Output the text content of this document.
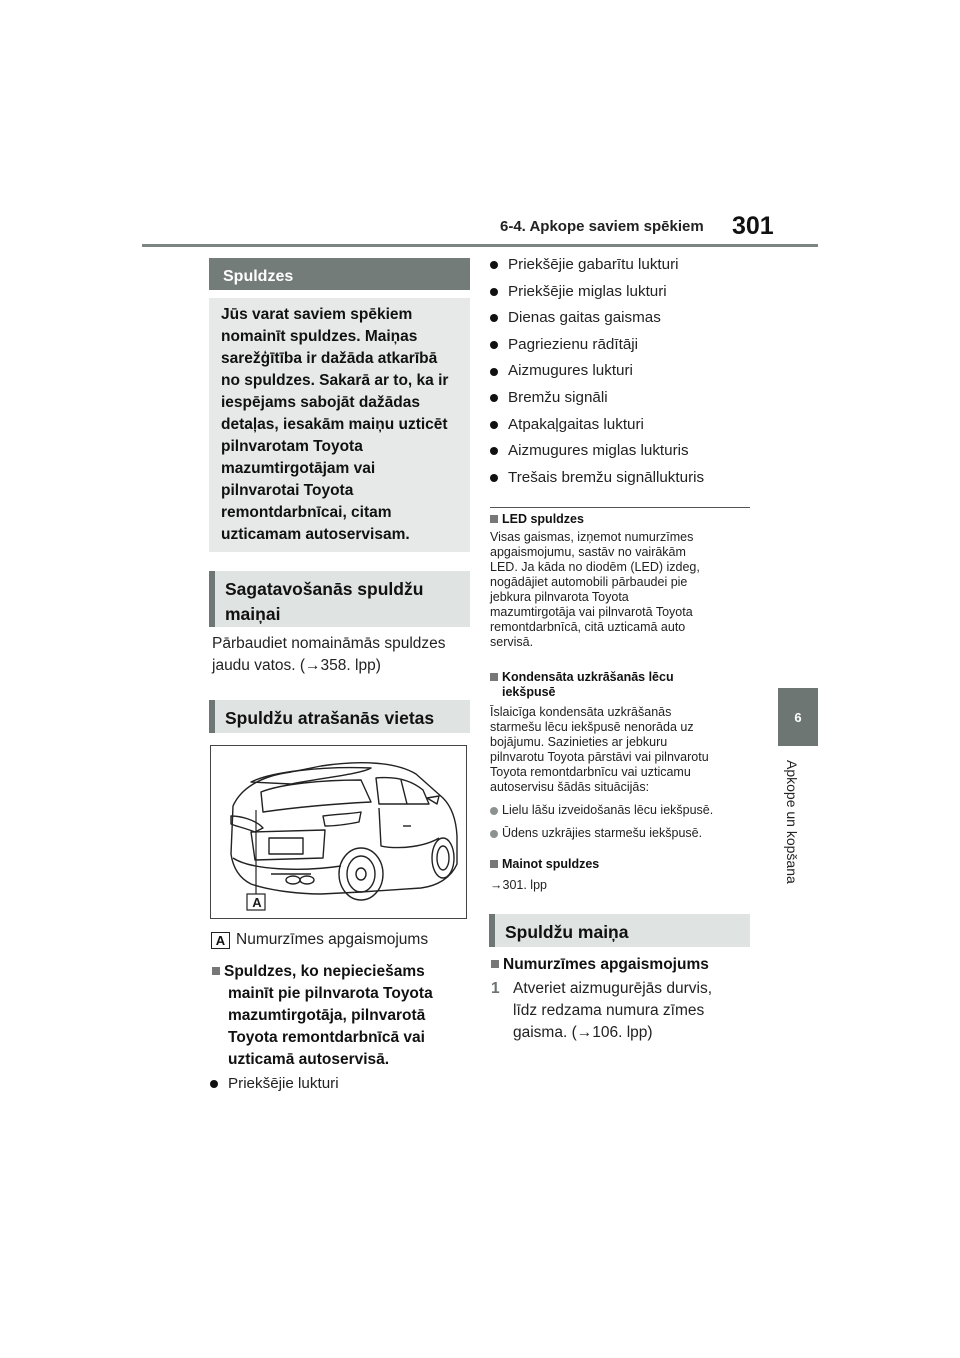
6-4. Apkope saviem spēkiem 301
6
Apkope un kopšana
Spuldzes
Jūs varat saviem spēkiem
nomainīt spuldzes. Maiņas
sarežģītība ir dažāda atkarībā
no spuldzes. Sakarā ar to, ka ir
iespējams sabojāt dažādas
detaļas, iesakām maiņu uzticēt
pilnvarotam Toyota
mazumtirgotājam vai
pilnvarotai Toyota
remontdarbnīcai, citam
uzticamam autoservisam.
Sagatavošanās spuldžu
maiņai
Pārbaudiet nomaināmās spuldzes
jaudu vatos. (→358. lpp)
Spuldžu atrašanās vietas
A
A Numurzīmes apgaismojums
Spuldzes, ko nepieciešams
mainīt pie pilnvarota Toyota
mazumtirgotāja, pilnvarotā
Toyota remontdarbnīcā vai
uzticamā autoservisā.
Priekšējie lukturi
Priekšējie gabarītu lukturi
Priekšējie miglas lukturi
Dienas gaitas gaismas
Pagriezienu rādītāji
Aizmugures lukturi
Bremžu signāli
Atpakaļgaitas lukturi
Aizmugures miglas lukturis
Trešais bremžu signāllukturis
LED spuldzes
Visas gaismas, izņemot numurzīmes
apgaismojumu, sastāv no vairākām
LED. Ja kāda no diodēm (LED) izdeg,
nogādājiet automobili pārbaudei pie
jebkura pilnvarota Toyota
mazumtirgotāja vai pilnvarotā Toyota
remontdarbnīcā, citā uzticamā auto
servisā.
Kondensāta uzkrāšanās lēcu
iekšpusē
Īslaicīga kondensāta uzkrāšanās
starmešu lēcu iekšpusē nenorāda uz
bojājumu. Sazinieties ar jebkuru
pilnvarotu Toyota pārstāvi vai pilnvarotu
Toyota remontdarbnīcu vai uzticamu
autoservisu šādās situācijās:
Lielu lāšu izveidošanās lēcu iekšpusē.
Ūdens uzkrājies starmešu iekšpusē.
Mainot spuldzes
→301. lpp
Spuldžu maiņa
Numurzīmes apgaismojums
1 Atveriet aizmugurējās durvis,
līdz redzama numura zīmes
gaisma. (→106. lpp)
